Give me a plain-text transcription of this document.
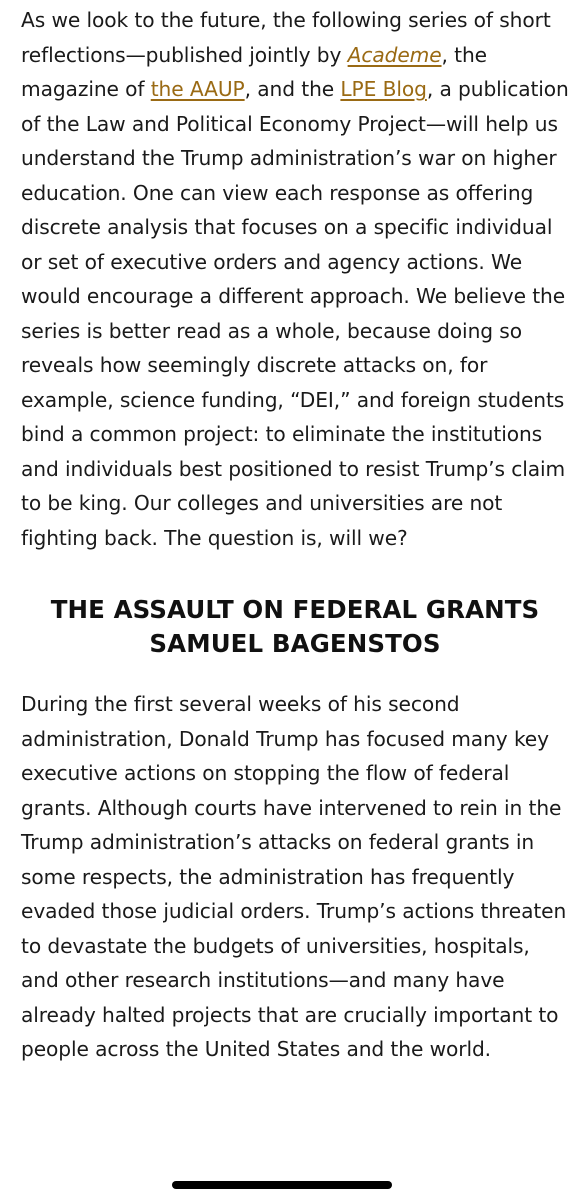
As we look to the future, the following series of short reflections—published jointly by Academe, the magazine of the AAUP, and the LPE Blog, a publication of the Law and Political Economy Project—will help us understand the Trump administration’s war on higher education. One can view each response as offering discrete analysis that focuses on a specific individual or set of executive orders and agency actions. We would encourage a different approach. We believe the series is better read as a whole, because doing so reveals how seemingly discrete attacks on, for example, science funding, “DEI,” and foreign students bind a common project: to eliminate the institutions and individuals best positioned to resist Trump’s claim to be king. Our colleges and universities are not fighting back. The question is, will we?

THE ASSAULT ON FEDERAL GRANTS
SAMUEL BAGENSTOS

During the first several weeks of his second administration, Donald Trump has focused many key executive actions on stopping the flow of federal grants. Although courts have intervened to rein in the Trump administration’s attacks on federal grants in some respects, the administration has frequently evaded those judicial orders. Trump’s actions threaten to devastate the budgets of universities, hospitals, and other research institutions—and many have already halted projects that are crucially important to people across the United States and the world.
